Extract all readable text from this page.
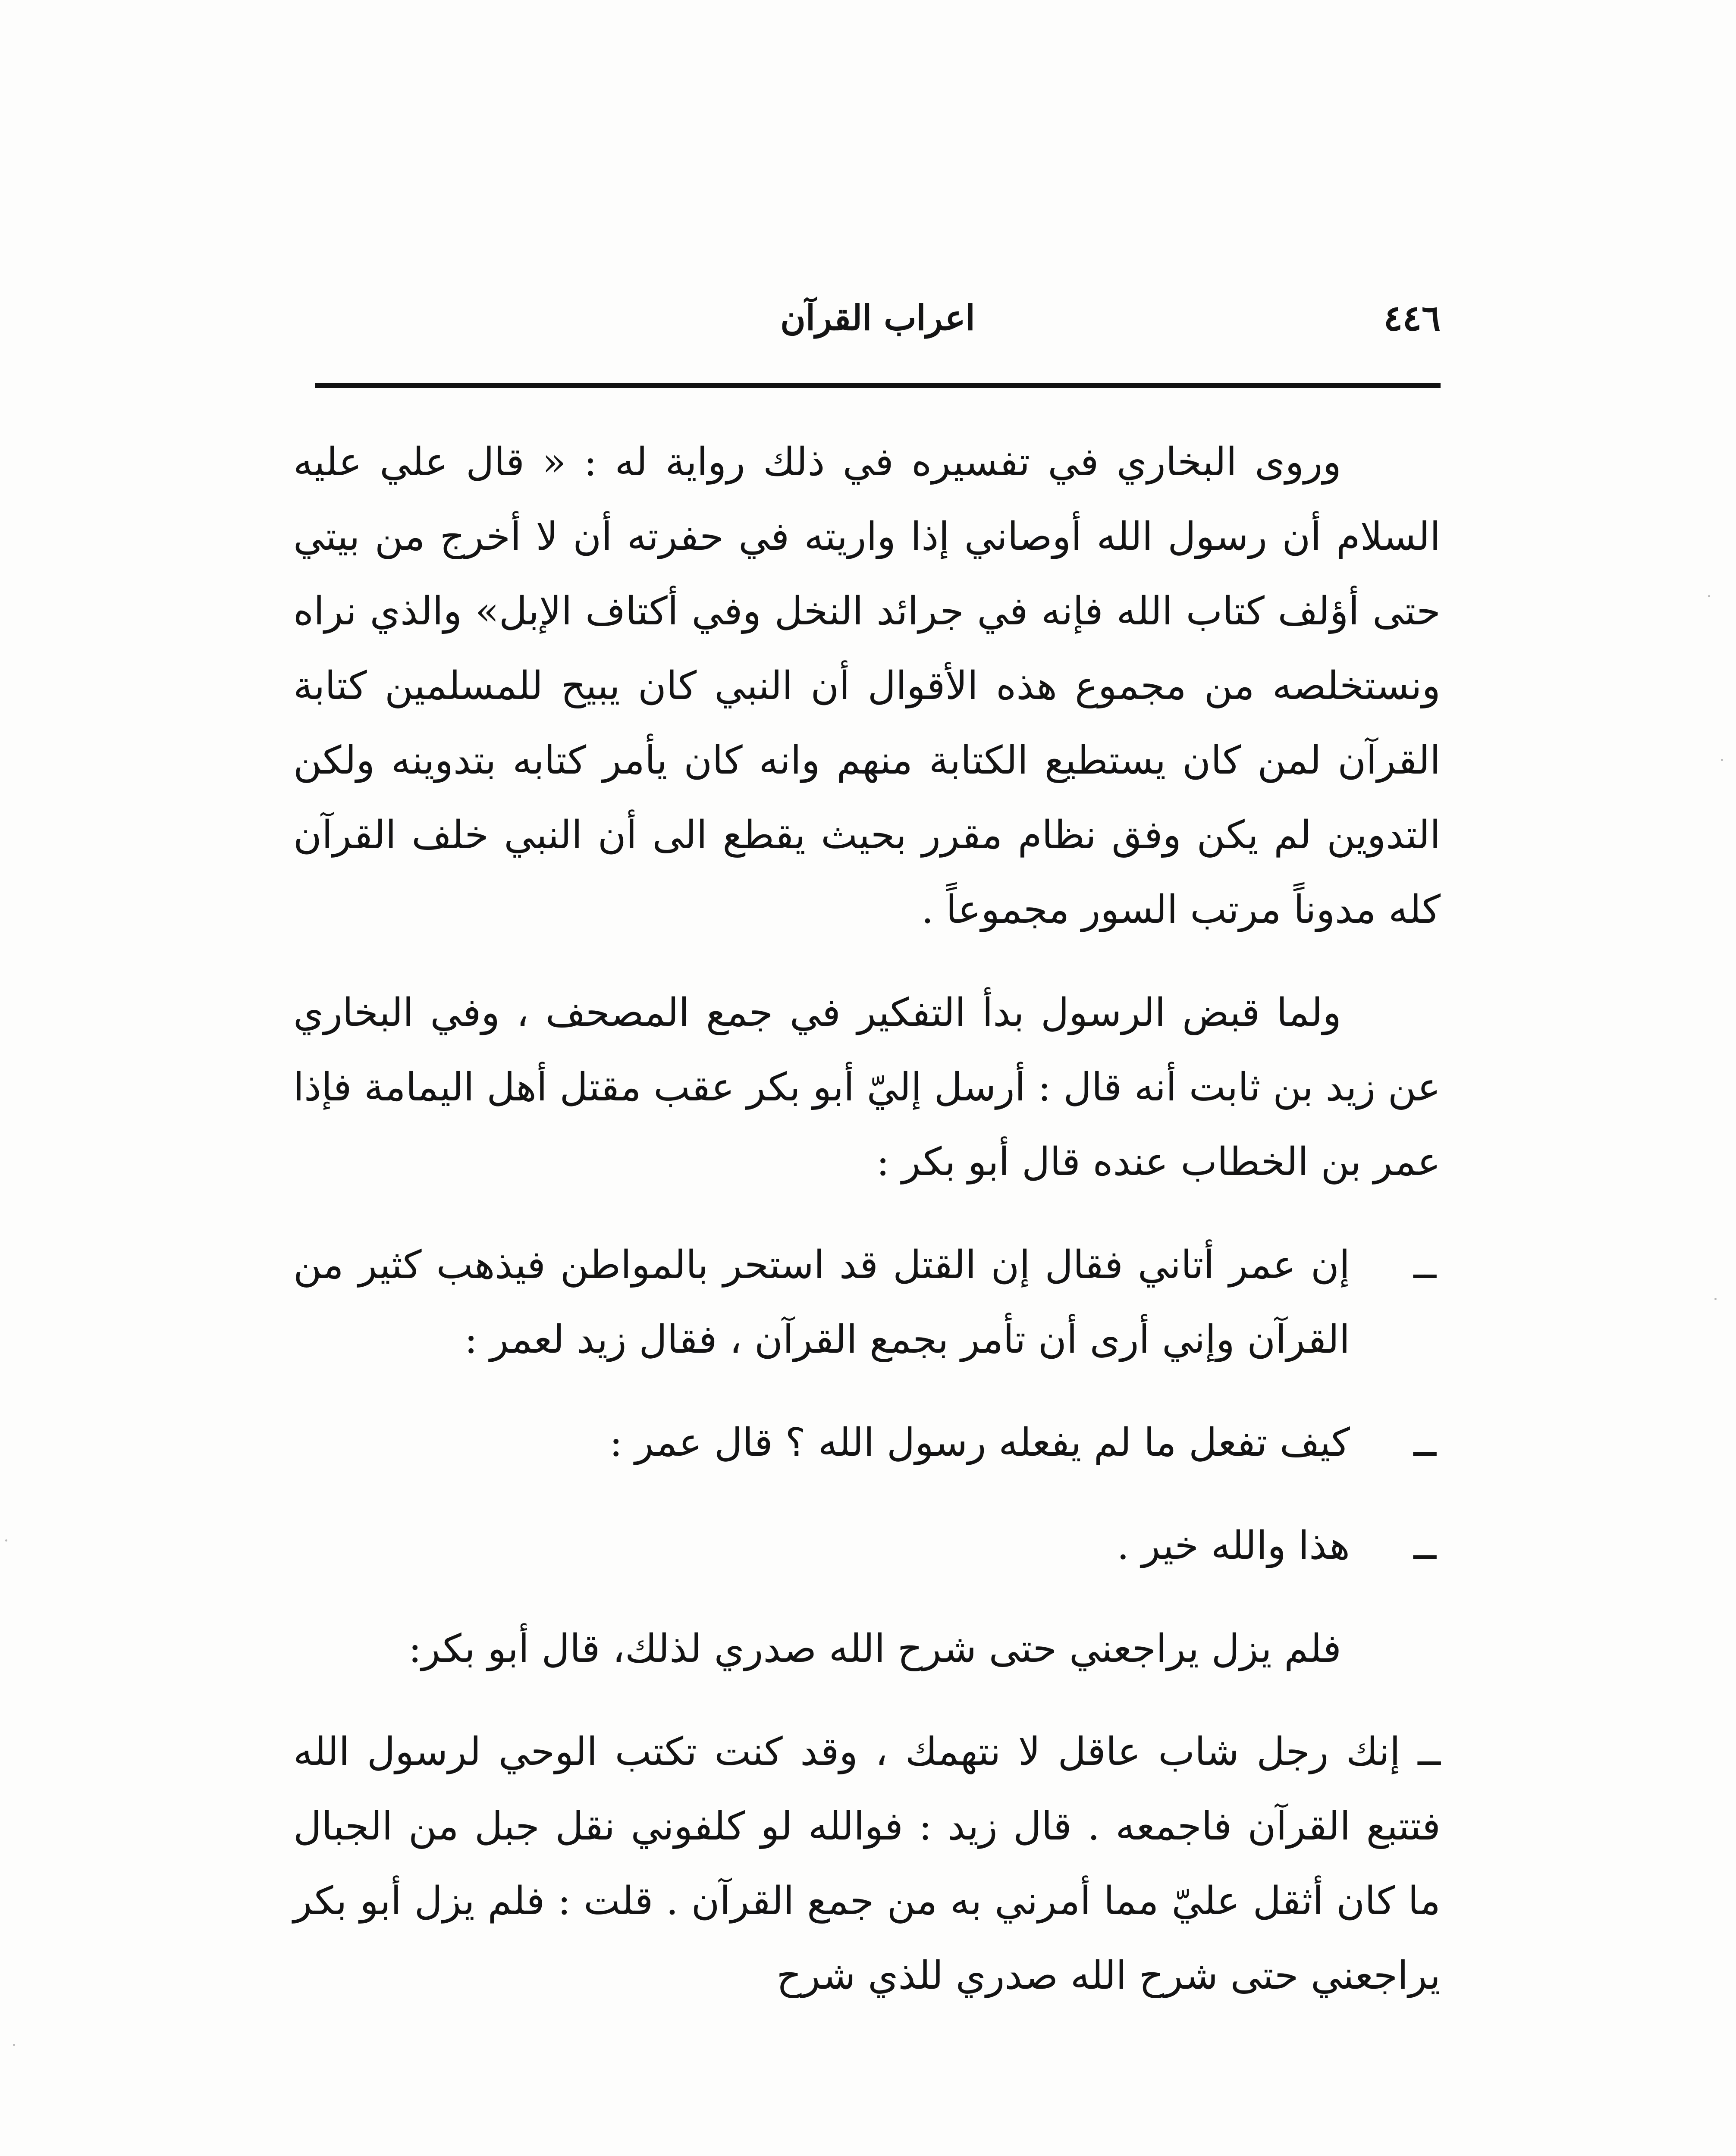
٤٤٦
اعراب القرآن

وروى البخاري في تفسيره في ذلك رواية له : « قال علي عليه السلام أن رسول الله أوصاني إذا واريته في حفرته أن لا أخرج من بيتي حتى أؤلف كتاب الله فإنه في جرائد النخل وفي أكتاف الإبل» والذي نراه ونستخلصه من مجموع هذه الأقوال أن النبي كان يبيح للمسلمين كتابة القرآن لمن كان يستطيع الكتابة منهم وانه كان يأمر كتابه بتدوينه ولكن التدوين لم يكن وفق نظام مقرر بحيث يقطع الى أن النبي خلف القرآن كله مدوناً مرتب السور مجموعاً .

ولما قبض الرسول بدأ التفكير في جمع المصحف ، وفي البخاري عن زيد بن ثابت أنه قال : أرسل إليّ أبو بكر عقب مقتل أهل اليمامة فإذا عمر بن الخطاب عنده قال أبو بكر :

ــإن عمر أتاني فقال إن القتل قد استحر بالمواطن فيذهب كثير من القرآن وإني أرى أن تأمر بجمع القرآن ، فقال زيد لعمر :

ــكيف تفعل ما لم يفعله رسول الله ؟ قال عمر :

ــهذا والله خير .

فلم يزل يراجعني حتى شرح الله صدري لذلك، قال أبو بكر:

ــ إنك رجل شاب عاقل لا نتهمك ، وقد كنت تكتب الوحي لرسول الله فتتبع القرآن فاجمعه . قال زيد : فوالله لو كلفوني نقل جبل من الجبال ما كان أثقل عليّ مما أمرني به من جمع القرآن . قلت : فلم يزل أبو بكر يراجعني حتى شرح الله صدري للذي شرح
